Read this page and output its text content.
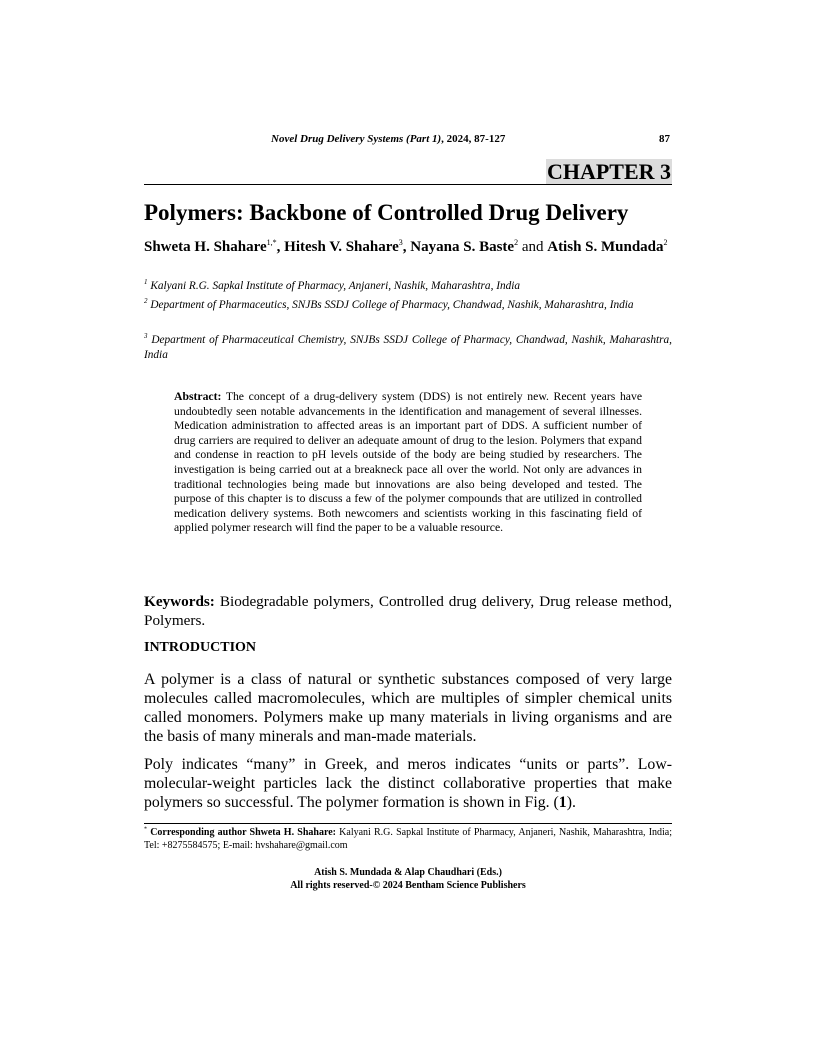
Novel Drug Delivery Systems (Part 1), 2024, 87-127	87
CHAPTER 3
Polymers: Backbone of Controlled Drug Delivery
Shweta H. Shahare$^{1,*}$, Hitesh V. Shahare$^3$, Nayana S. Baste$^2$ and Atish S. Mundada$^2$
$^1$ Kalyani R.G. Sapkal Institute of Pharmacy, Anjaneri, Nashik, Maharashtra, India
$^2$ Department of Pharmaceutics, SNJBs SSDJ College of Pharmacy, Chandwad, Nashik, Maharashtra, India
$^3$ Department of Pharmaceutical Chemistry, SNJBs SSDJ College of Pharmacy, Chandwad, Nashik, Maharashtra, India
Abstract: The concept of a drug-delivery system (DDS) is not entirely new. Recent years have undoubtedly seen notable advancements in the identification and management of several illnesses. Medication administration to affected areas is an important part of DDS. A sufficient number of drug carriers are required to deliver an adequate amount of drug to the lesion. Polymers that expand and condense in reaction to pH levels outside of the body are being studied by researchers. The investigation is being carried out at a breakneck pace all over the world. Not only are advances in traditional technologies being made but innovations are also being developed and tested. The purpose of this chapter is to discuss a few of the polymer compounds that are utilized in controlled medication delivery systems. Both newcomers and scientists working in this fascinating field of applied polymer research will find the paper to be a valuable resource.
Keywords: Biodegradable polymers, Controlled drug delivery, Drug release method, Polymers.
INTRODUCTION

A polymer is a class of natural or synthetic substances composed of very large molecules called macromolecules, which are multiples of simpler chemical units called monomers. Polymers make up many materials in living organisms and are the basis of many minerals and man-made materials.

Poly indicates “many” in Greek, and meros indicates “units or parts”. Low-molecular-weight particles lack the distinct collaborative properties that make polymers so successful. The polymer formation is shown in Fig. (1).

* Corresponding author Shweta H. Shahare: Kalyani R.G. Sapkal Institute of Pharmacy, Anjaneri, Nashik, Maharashtra, India; Tel: +8275584575; E-mail: hvshahare@gmail.com
Atish S. Mundada & Alap Chaudhari (Eds.)
All rights reserved-© 2024 Bentham Science Publishers
